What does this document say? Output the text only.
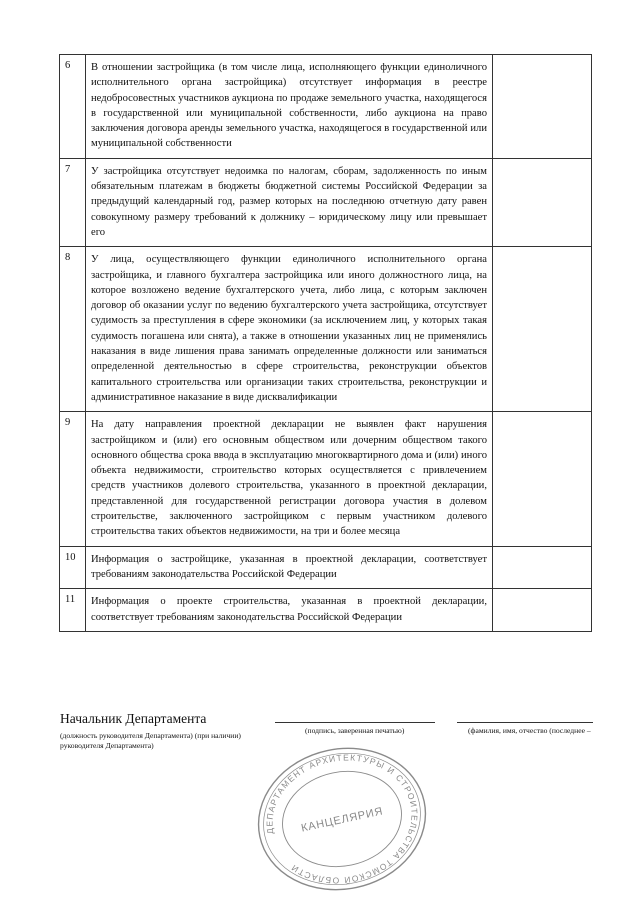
6	В отношении застройщика (в том числе лица, исполняющего функции единоличного исполнительного органа застройщика) отсутствует информация в реестре недобросовестных участников аукциона по продаже земельного участка, находящегося в государственной или муниципальной собственности, либо аукциона на право заключения договора аренды земельного участка, находящегося в государственной или муниципальной собственности	
7	У застройщика отсутствует недоимка по налогам, сборам, задолженность по иным обязательным платежам в бюджеты бюджетной системы Российской Федерации за предыдущий календарный год, размер которых на последнюю отчетную дату равен совокупному размеру требований к должнику – юридическому лицу или превышает его	
8	У лица, осуществляющего функции единоличного исполнительного органа застройщика, и главного бухгалтера застройщика или иного должностного лица, на которое возложено ведение бухгалтерского учета, либо лица, с которым заключен договор об оказании услуг по ведению бухгалтерского учета застройщика, отсутствует судимость за преступления в сфере экономики (за исключением лиц, у которых такая судимость погашена или снята), а также в отношении указанных лиц не применялись наказания в виде лишения права занимать определенные должности или заниматься определенной деятельностью в сфере строительства, реконструкции объектов капитального строительства или организации таких строительства, реконструкции и административное наказание в виде дисквалификации	
9	На дату направления проектной декларации не выявлен факт нарушения застройщиком и (или) его основным обществом или дочерним обществом такого основного общества срока ввода в эксплуатацию многоквартирного дома и (или) иного объекта недвижимости, строительство которых осуществляется с привлечением средств участников долевого строительства, указанного в проектной декларации, представленной для государственной регистрации договора участия в долевом строительстве, заключенного застройщиком с первым участником долевого строительства таких объектов недвижимости, на три и более месяца	
10	Информация о застройщике, указанная в проектной декларации, соответствует требованиям законодательства Российской Федерации	
11	Информация о проекте строительства, указанная в проектной декларации, соответствует требованиям законодательства Российской Федерации	
Начальник Департамента
(должность руководителя Департамента) (при наличии) руководителя Департамента)
(подпись, заверенная печатью)	(фамилия, имя, отчество (последнее –
ДЕПАРТАМЕНТ АРХИТЕКТУРЫ И СТРОИТЕЛЬСТВА ТОМСКОЙ ОБЛАСТИ
КАНЦЕЛЯРИЯ
